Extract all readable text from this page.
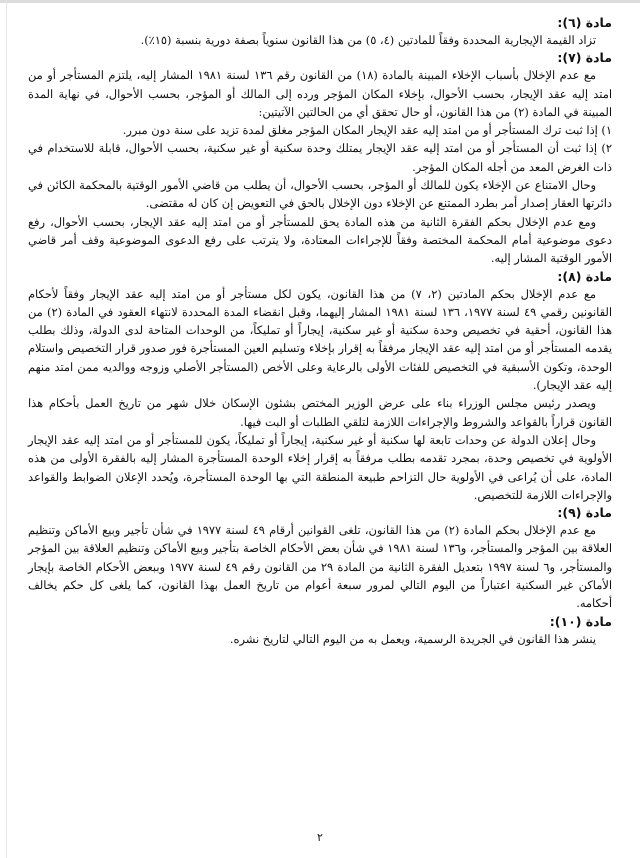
مادة (٦):

تزاد القيمة الإيجارية المحددة وفقاً للمادتين (٤، ٥) من هذا القانون سنوياً بصفة دورية بنسبة (١٥٪).

مادة (٧):

مع عدم الإخلال بأسباب الإخلاء المبينة بالمادة (١٨) من القانون رقم ١٣٦ لسنة ١٩٨١ المشار إليه، يلتزم المستأجر أو من امتد إليه عقد الإيجار، بحسب الأحوال، بإخلاء المكان المؤجر ورده إلى المالك أو المؤجر، بحسب الأحوال، في نهاية المدة المبينة في المادة (٢) من هذا القانون، أو حال تحقق أي من الحالتين الآتيتين:

١) إذا ثبت ترك المستأجر أو من امتد إليه عقد الإيجار المكان المؤجر مغلق لمدة تزيد على سنة دون مبرر.

٢) إذا ثبت أن المستأجر أو من امتد إليه عقد الإيجار يمتلك وحدة سكنية أو غير سكنية، بحسب الأحوال، قابلة للاستخدام في ذات الغرض المعد من أجله المكان المؤجر.

وحال الامتناع عن الإخلاء يكون للمالك أو المؤجر، بحسب الأحوال، أن يطلب من قاضي الأمور الوقتية بالمحكمة الكائن في دائرتها العقار إصدار أمر بطرد الممتنع عن الإخلاء دون الإخلال بالحق في التعويض إن كان له مقتضى.

ومع عدم الإخلال بحكم الفقرة الثانية من هذه المادة يحق للمستأجر أو من امتد إليه عقد الإيجار، بحسب الأحوال، رفع دعوى موضوعية أمام المحكمة المختصة وفقاً للإجراءات المعتادة، ولا يترتب على رفع الدعوى الموضوعية وقف أمر قاضي الأمور الوقتية المشار إليه.

مادة (٨):

مع عدم الإخلال بحكم المادتين (٢، ٧) من هذا القانون، يكون لكل مستأجر أو من امتد إليه عقد الإيجار وفقاً لأحكام القانونين رقمي ٤٩ لسنة ١٩٧٧، ١٣٦ لسنة ١٩٨١ المشار إليهما، وقبل انقضاء المدة المحددة لانتهاء العقود في المادة (٢) من هذا القانون، أحقية في تخصيص وحدة سكنية أو غير سكنية، إيجاراً أو تمليكاً، من الوحدات المتاحة لدى الدولة، وذلك بطلب يقدمه المستأجر أو من امتد إليه عقد الإيجار مرفقاً به إقرار بإخلاء وتسليم العين المستأجرة فور صدور قرار التخصيص واستلام الوحدة، وتكون الأسبقية في التخصيص للفئات الأولى بالرعاية وعلى الأخص (المستأجر الأصلي وزوجه ووالديه ممن امتد منهم إليه عقد الإيجار).

ويصدر رئيس مجلس الوزراء بناء على عرض الوزير المختص بشئون الإسكان خلال شهر من تاريخ العمل بأحكام هذا القانون قراراً بالقواعد والشروط والإجراءات اللازمة لتلقي الطلبات أو البت فيها.

وحال إعلان الدولة عن وحدات تابعة لها سكنية أو غير سكنية، إيجاراً أو تمليكاً، يكون للمستأجر أو من امتد إليه عقد الإيجار الأولوية في تخصيص وحدة، بمجرد تقدمه بطلب مرفقاً به إقرار إخلاء الوحدة المستأجرة المشار إليه بالفقرة الأولى من هذه المادة، على أن يُراعى في الأولوية حال التزاحم طبيعة المنطقة التي بها الوحدة المستأجرة، ويُحدد الإعلان الضوابط والقواعد والإجراءات اللازمة للتخصيص.

مادة (٩):

مع عدم الإخلال بحكم المادة (٢) من هذا القانون، تلغى القوانين أرقام ٤٩ لسنة ١٩٧٧ في شأن تأجير وبيع الأماكن وتنظيم العلاقة بين المؤجر والمستأجر، و١٣٦ لسنة ١٩٨١ في شأن بعض الأحكام الخاصة بتأجير وبيع الأماكن وتنظيم العلاقة بين المؤجر والمستأجر، و٦ لسنة ١٩٩٧ بتعديل الفقرة الثانية من المادة ٢٩ من القانون رقم ٤٩ لسنة ١٩٧٧ وببعض الأحكام الخاصة بإيجار الأماكن غير السكنية اعتباراً من اليوم التالي لمرور سبعة أعوام من تاريخ العمل بهذا القانون، كما يلغى كل حكم يخالف أحكامه.

مادة (١٠):

ينشر هذا القانون في الجريدة الرسمية، ويعمل به من اليوم التالي لتاريخ نشره.

٢
